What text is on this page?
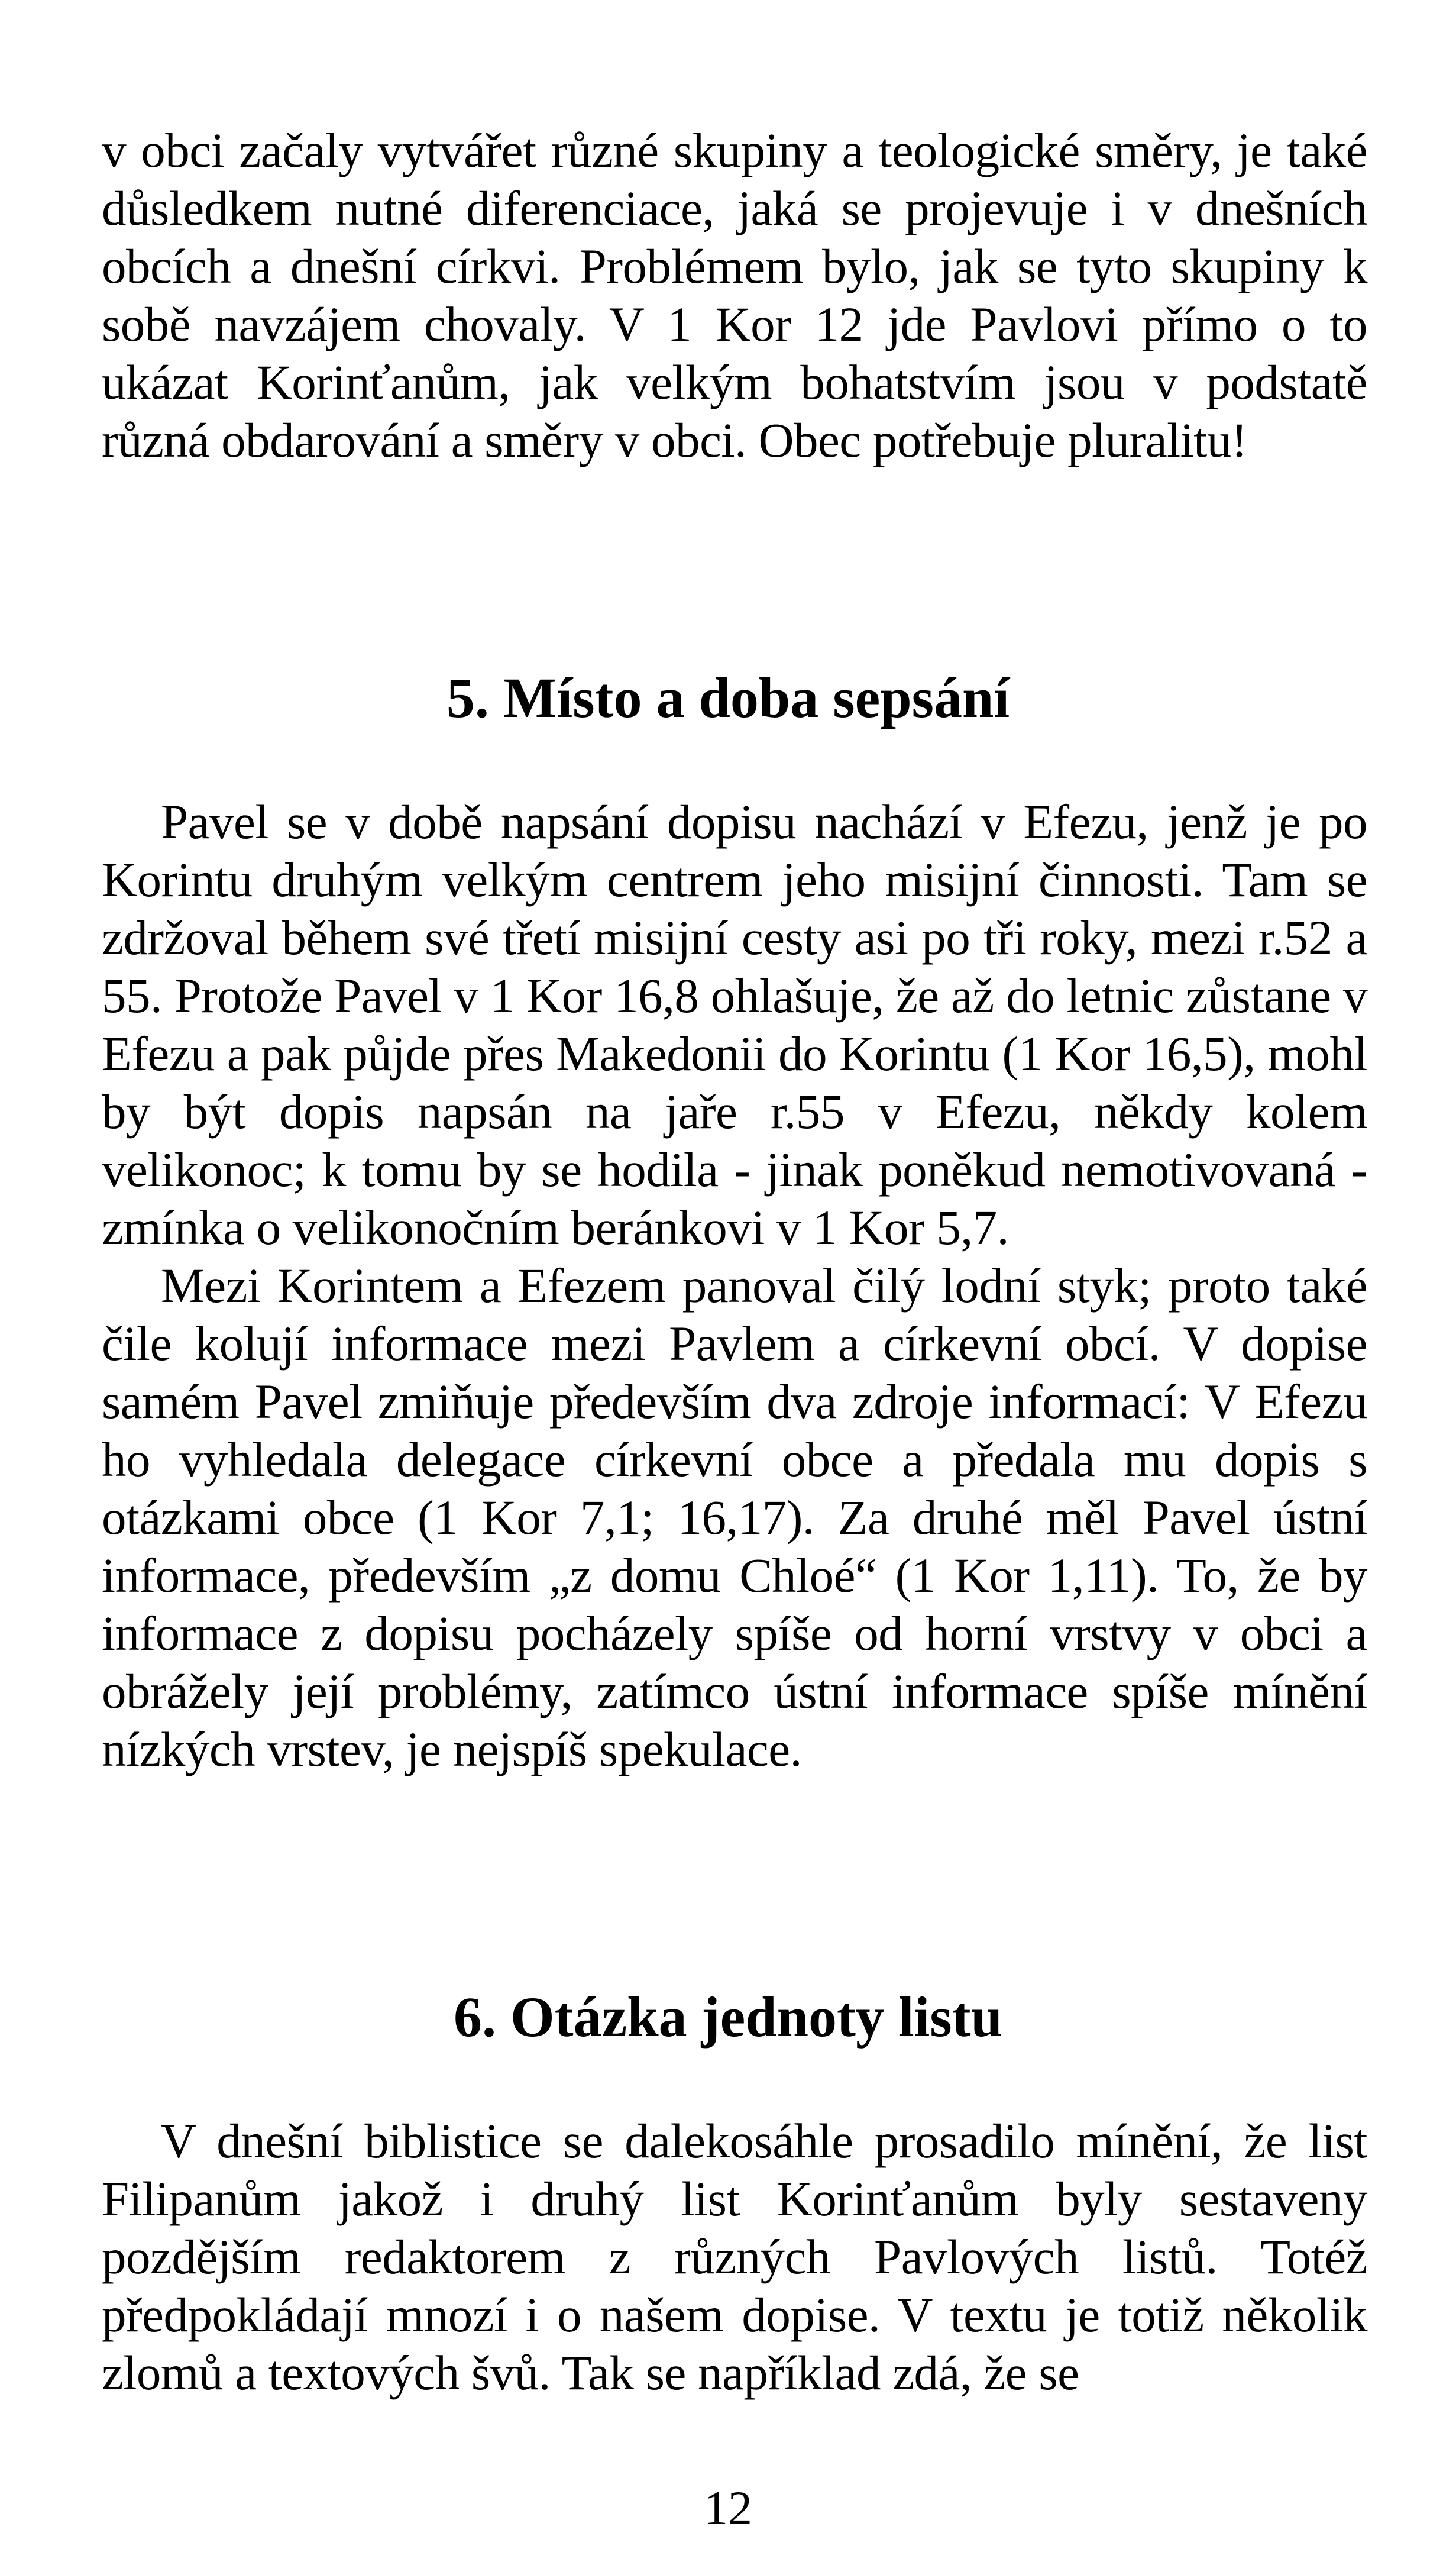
v obci začaly vytvářet různé skupiny a teologické směry, je také důsledkem nutné diferenciace, jaká se projevuje i v dnešních obcích a dnešní církvi. Problémem bylo, jak se tyto skupiny k sobě navzájem chovaly. V 1 Kor 12 jde Pavlovi přímo o to ukázat Korinťanům, jak velkým bohatstvím jsou v podstatě různá obdarování a směry v obci. Obec potřebuje pluralitu!

5. Místo a doba sepsání

Pavel se v době napsání dopisu nachází v Efezu, jenž je po Korintu druhým velkým centrem jeho misijní činnosti. Tam se zdržoval během své třetí misijní cesty asi po tři roky, mezi r.52 a 55. Protože Pavel v 1 Kor 16,8 ohlašuje, že až do letnic zůstane v Efezu a pak půjde přes Makedonii do Korintu (1 Kor 16,5), mohl by být dopis napsán na jaře r.55 v Efezu, někdy kolem velikonoc; k tomu by se hodila - jinak poněkud nemotivovaná - zmínka o velikonočním beránkovi v 1 Kor 5,7.

Mezi Korintem a Efezem panoval čilý lodní styk; proto také čile kolují informace mezi Pavlem a církevní obcí. V dopise samém Pavel zmiňuje především dva zdroje informací: V Efezu ho vyhledala delegace církevní obce a předala mu dopis s otázkami obce (1 Kor 7,1; 16,17). Za druhé měl Pavel ústní informace, především „z domu Chloé“ (1 Kor 1,11). To, že by informace z dopisu pocházely spíše od horní vrstvy v obci a obrážely její problémy, zatímco ústní informace spíše mínění nízkých vrstev, je nejspíš spekulace.

6. Otázka jednoty listu

V dnešní biblistice se dalekosáhle prosadilo mínění, že list Filipanům jakož i druhý list Korinťanům byly sestaveny pozdějším redaktorem z různých Pavlových listů. Totéž předpokládají mnozí i o našem dopise. V textu je totiž několik zlomů a textových švů. Tak se například zdá, že se

12
